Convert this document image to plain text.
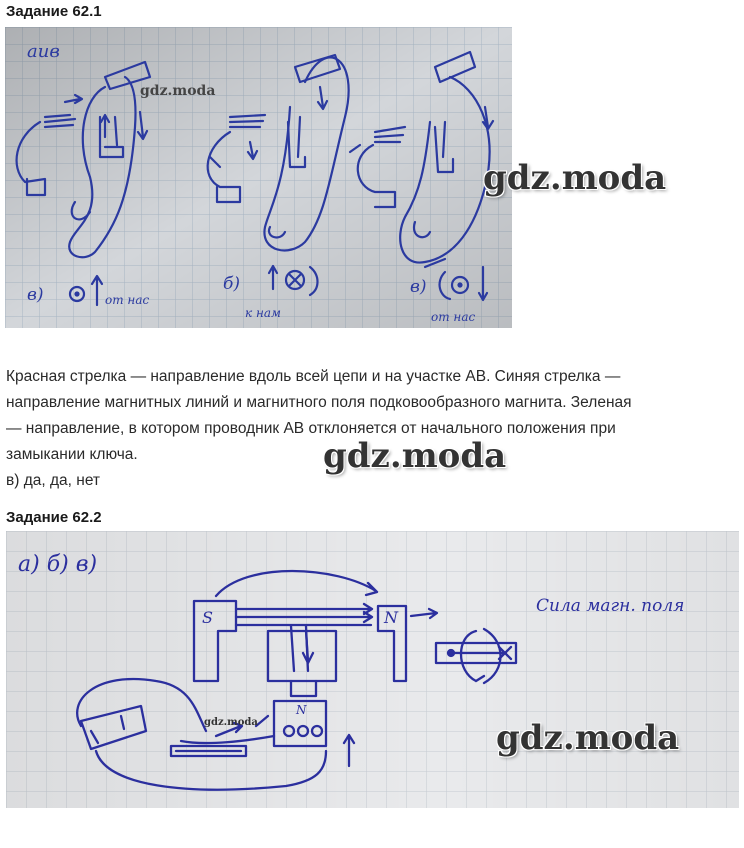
Задание 62.1
аив
в)	от нас
б)
к нам
в)
от нас
gdz.moda
gdz.moda

Красная стрелка — направление вдоль всей цепи и на участке АВ. Синяя стрелка —

направление магнитных линий и магнитного поля подковообразного магнита. Зеленая

— направление, в котором проводник АВ отклоняется от начального положения при

замыкании ключа.

в) да, да, нет

gdz.moda
Задание 62.2
а) б) в)
S	N
N
Сила магн. поля
gdz.moda	gdz.moda
